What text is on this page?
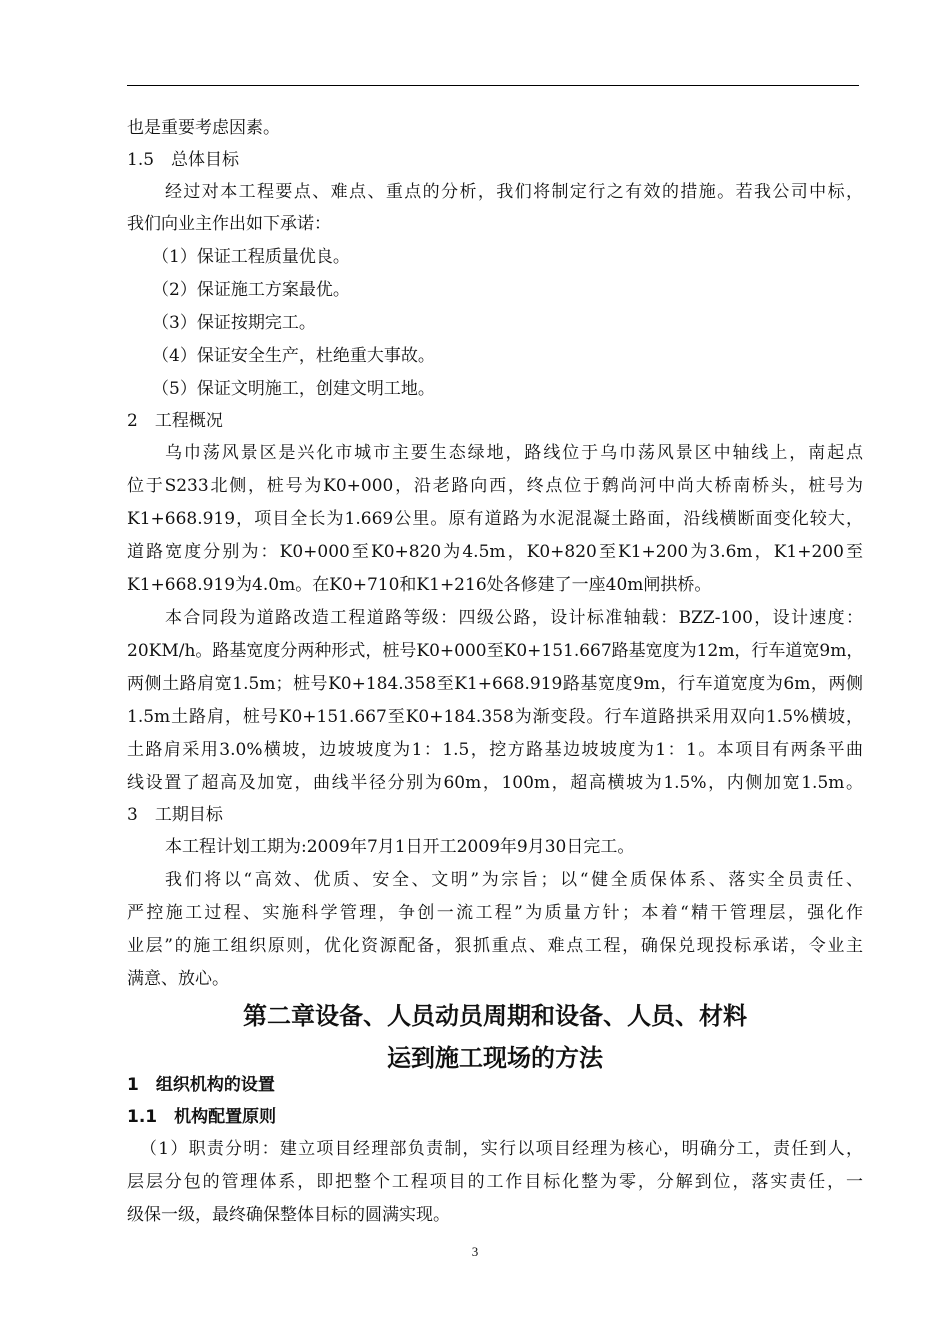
也是重要考虑因素。
1.5　总体目标
经过对本工程要点、难点、重点的分析，我们将制定行之有效的措施。若我公司中标，
我们向业主作出如下承诺：
（1）保证工程质量优良。
（2）保证施工方案最优。
（3）保证按期完工。
（4）保证安全生产，杜绝重大事故。
（5）保证文明施工，创建文明工地。
2　工程概况
乌巾荡风景区是兴化市城市主要生态绿地，路线位于乌巾荡风景区中轴线上，南起点
位于S233北侧，桩号为K0+000，沿老路向西，终点位于鹩尚河中尚大桥南桥头，桩号为
K1+668.919，项目全长为1.669公里。原有道路为水泥混凝土路面，沿线横断面变化较大，
道路宽度分别为：K0+000至K0+820为4.5m，K0+820至K1+200为3.6m，K1+200至
K1+668.919为4.0m。在K0+710和K1+216处各修建了一座40m闸拱桥。
本合同段为道路改造工程道路等级：四级公路，设计标准轴载：BZZ-100，设计速度：
20KM/h。路基宽度分两种形式，桩号K0+000至K0+151.667路基宽度为12m，行车道宽9m，
两侧土路肩宽1.5m；桩号K0+184.358至K1+668.919路基宽度9m，行车道宽度为6m，两侧
1.5m土路肩，桩号K0+151.667至K0+184.358为渐变段。行车道路拱采用双向1.5%横坡，
土路肩采用3.0%横坡，边坡坡度为1：1.5，挖方路基边坡坡度为1：1。本项目有两条平曲
线设置了超高及加宽，曲线半径分别为60m，100m，超高横坡为1.5%，内侧加宽1.5m。
3　工期目标
本工程计划工期为:2009年7月1日开工2009年9月30日完工。
我们将以“高效、优质、安全、文明”为宗旨；以“健全质保体系、落实全员责任、
严控施工过程、实施科学管理，争创一流工程”为质量方针；本着“精干管理层，强化作
业层”的施工组织原则，优化资源配备，狠抓重点、难点工程，确保兑现投标承诺，令业主
满意、放心。
第二章设备、人员动员周期和设备、人员、材料
运到施工现场的方法
1　组织机构的设置
1.1　机构配置原则
（1）职责分明：建立项目经理部负责制，实行以项目经理为核心，明确分工，责任到人，
层层分包的管理体系，即把整个工程项目的工作目标化整为零，分解到位，落实责任，一
级保一级，最终确保整体目标的圆满实现。
3
